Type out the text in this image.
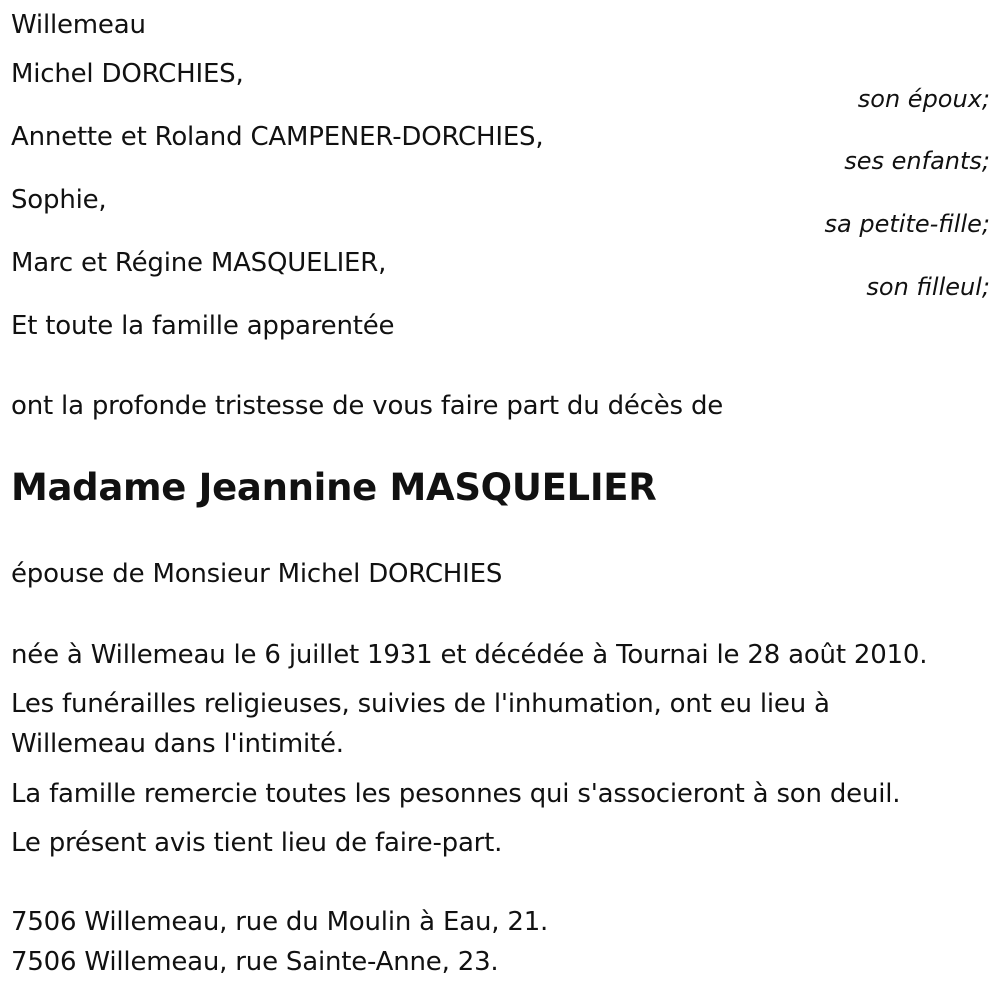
Willemeau
Michel DORCHIES,
son époux;
Annette et Roland CAMPENER-DORCHIES,
ses enfants;
Sophie,
sa petite-fille;
Marc et Régine MASQUELIER,
son filleul;
Et toute la famille apparentée
ont la profonde tristesse de vous faire part du décès de
Madame Jeannine MASQUELIER
épouse de Monsieur Michel DORCHIES
née à Willemeau le 6 juillet 1931 et décédée à Tournai le 28 août 2010.
Les funérailles religieuses, suivies de l'inhumation, ont eu lieu à
Willemeau dans l'intimité.
La famille remercie toutes les pesonnes qui s'associeront à son deuil.
Le présent avis tient lieu de faire-part.
7506 Willemeau, rue du Moulin à Eau, 21.
7506 Willemeau, rue Sainte-Anne, 23.
